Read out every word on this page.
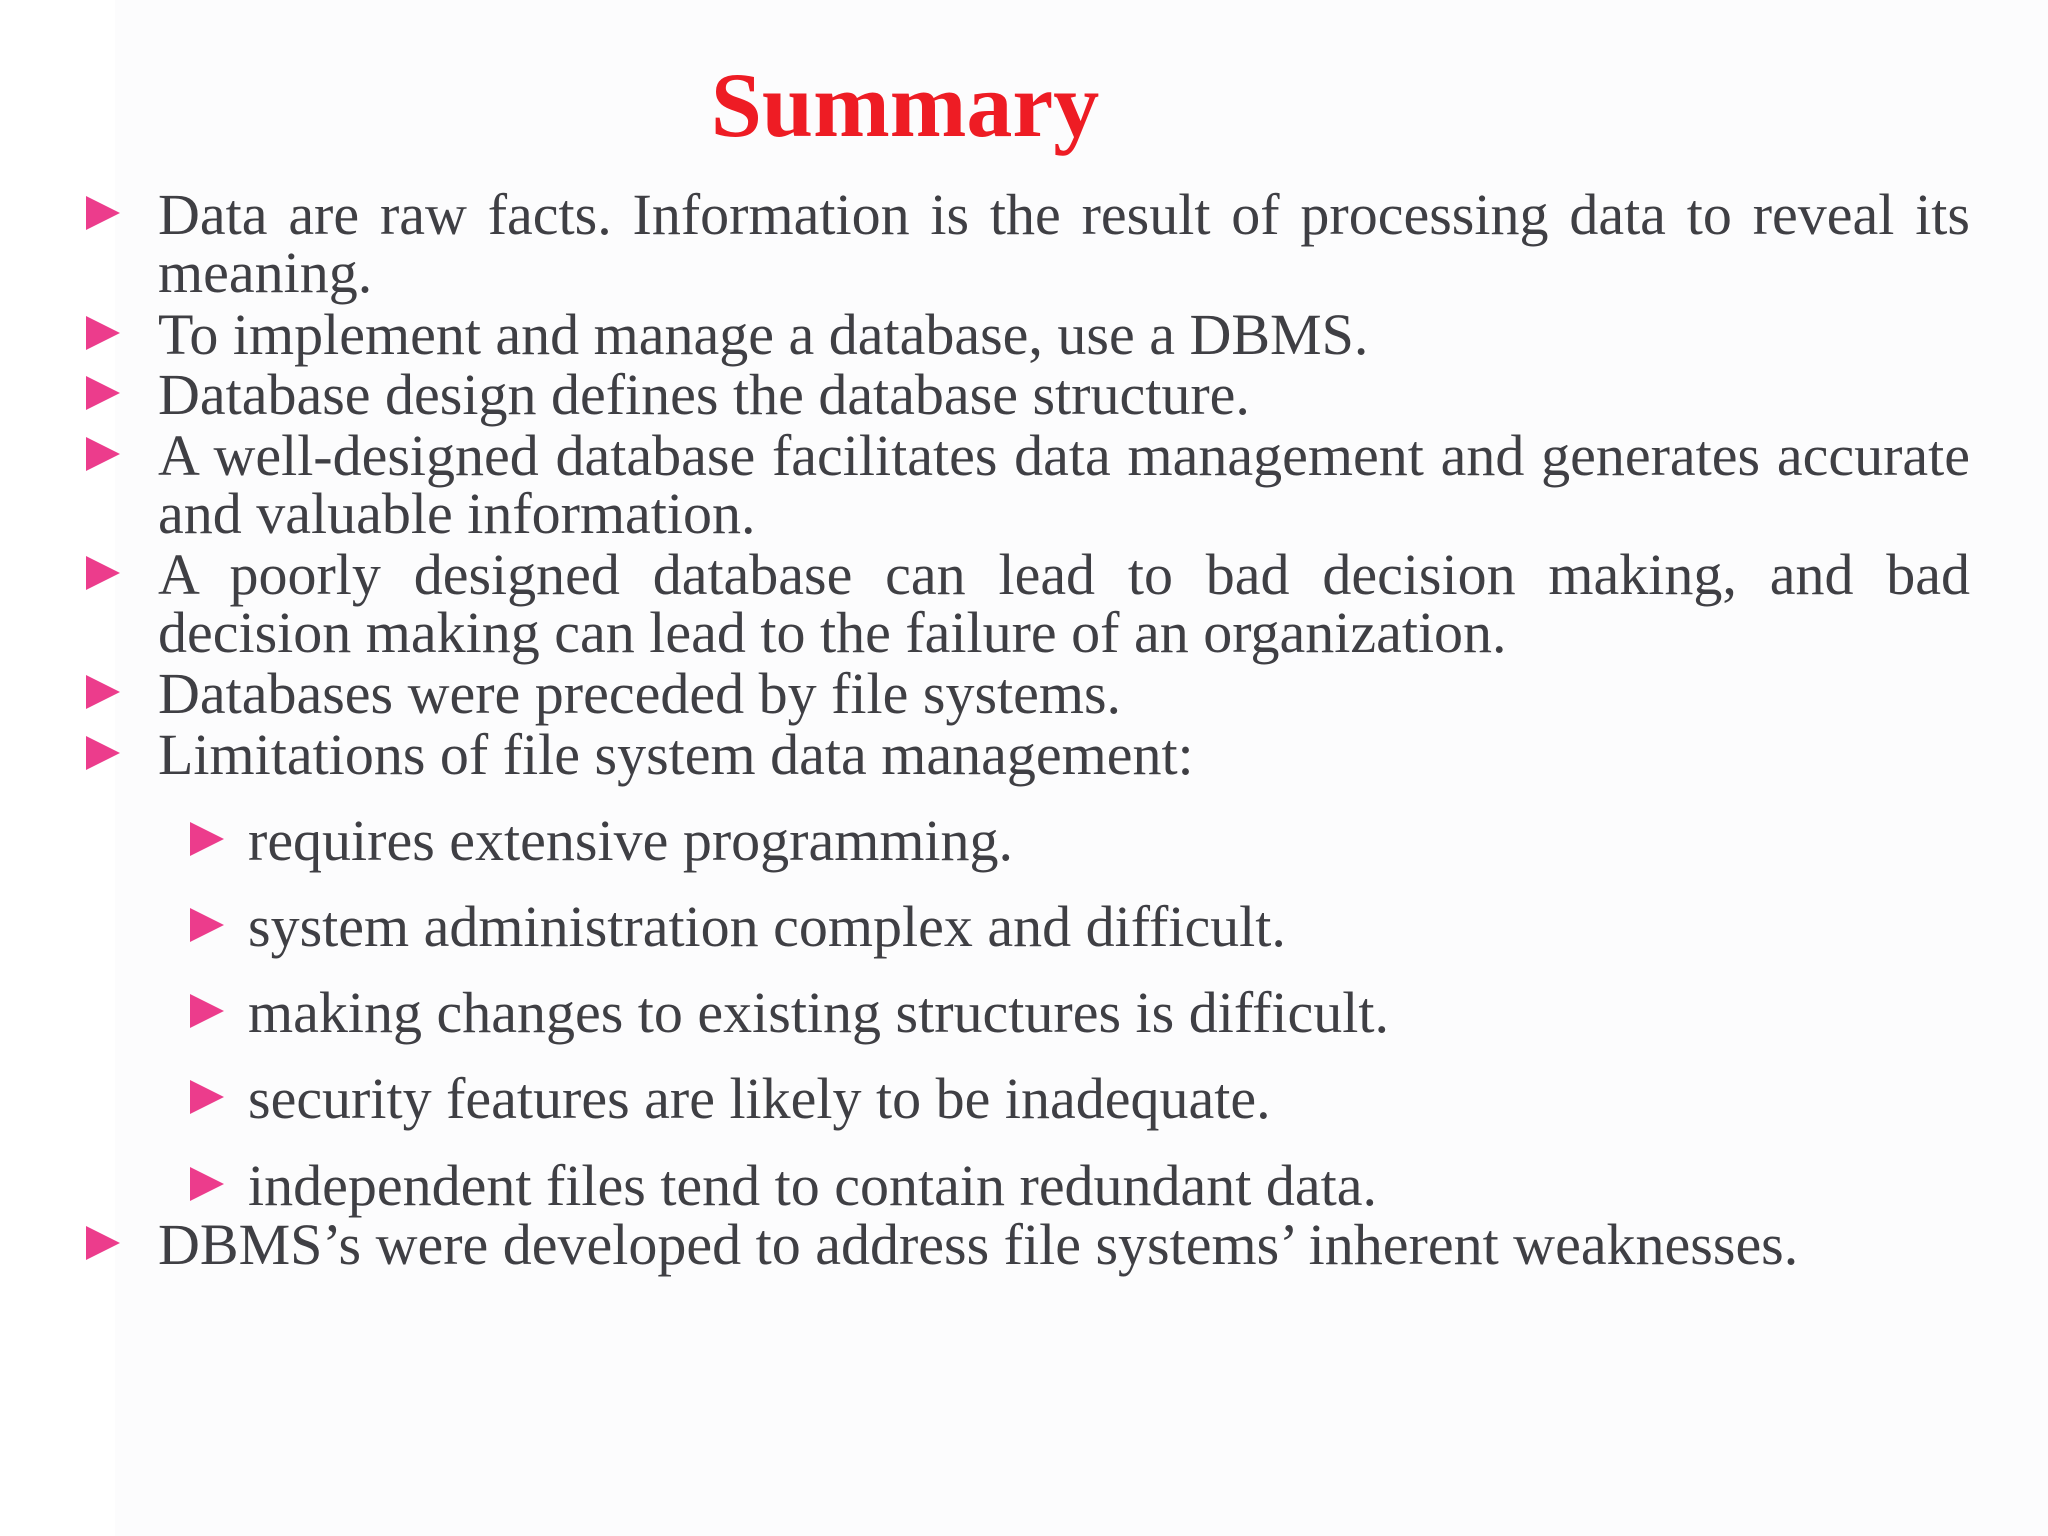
Summary
Data are raw facts. Information is the result of processing data to reveal its meaning.
To implement and manage a database, use a DBMS.
Database design defines the database structure.
A well-designed database facilitates data management and generates accurate and valuable information.
A poorly designed database can lead to bad decision making, and bad decision making can lead to the failure of an organization.
Databases were preceded by file systems.
Limitations of file system data management:
requires extensive programming.
system administration complex and difficult.
making changes to existing structures is difficult.
security features are likely to be inadequate.
independent files tend to contain redundant data.
DBMS’s were developed to address file systems’ inherent weaknesses.
